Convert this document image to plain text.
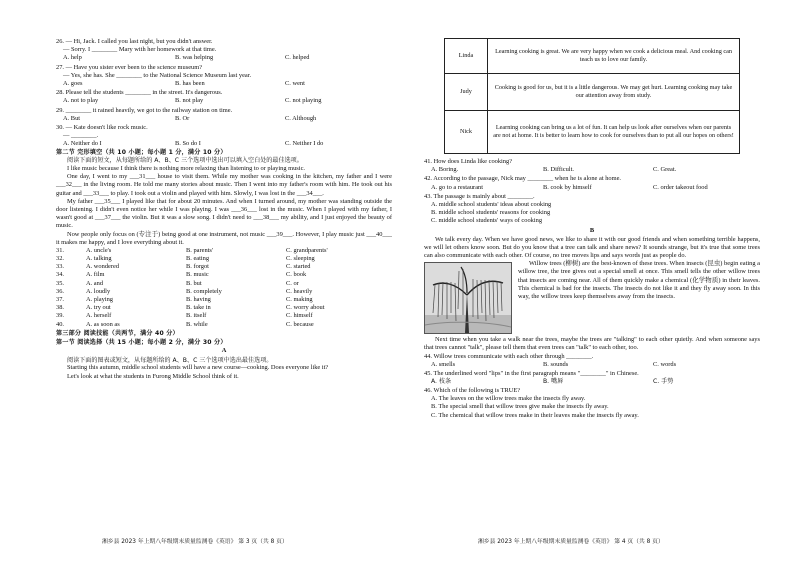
26. — Hi, Jack. I called you last night, but you didn't answer.

— Sorry. I ________ Mary with her homework at that time.

A. help	B. was helping	C. helped

27. — Have you sister ever been to the science museum?

— Yes, she has. She ________ to the National Science Museum last year.

A. goes	B. has been	C. went

28. Please tell the students ________ in the street. It's dangerous.

A. not to play	B. not play	C. not playing

29. ________ it rained heavily, we got to the railway station on time.

A. But	B. Or	C. Although

30. — Kate doesn't like rock music.

— ________.

A. Neither do I	B. So do I	C. Neither I do

第二节 完形填空（共 10 小题；每小题 1 分，满分 10 分）

阅读下面的短文，从每题所给的 A、B、C 三个选项中选出可以填入空白处的最佳选项。

I like music because I think there is nothing more relaxing than listening to or playing music.

One day, I went to my ___31___ house to visit them. While my mother was cooking in the kitchen, my father and I were ___32___ in the living room. He told me many stories about music. Then I went into my father's room with him. He took out his guitar and ___33___ to play. I took out a violin and played with him. Slowly, I was lost in the ___34___.

My father ___35___ I played like that for about 20 minutes. And when I turned around, my mother was standing outside the door listening. I didn't even notice her while I was playing. I was ___36___ lost in the music. When I played with my father, I wasn't good at ___37___ the violin. But it was a slow song. I didn't need to ___38___ my ability, and I just enjoyed the beauty of music.

Now people only focus on (专注于) being good at one instrument, not music ___39___. However, I play music just ___40___ it makes me happy, and I love everything about it.

31.	A. uncle's	B. parents'	C. grandparents'
32.	A. talking	B. eating	C. sleeping
33.	A. wondered	B. forgot	C. started
34.	A. film	B. music	C. book
35.	A. and	B. but	C. or
36.	A. loudly	B. completely	C. heavily
37.	A. playing	B. having	C. making
38.	A. try out	B. take in	C. worry about
39.	A. herself	B. itself	C. himself
40.	A. as soon as	B. while	C. because

第三部分 阅读技能（共两节，满分 40 分）

第一节 阅读选择（共 15 小题；每小题 2 分，满分 30 分）

A

阅读下面的图表或短文，从每题所给的 A、B、C 三个选项中选出最佳选项。

Starting this autumn, middle school students will have a new course—cooking. Does everyone like it?

Let's look at what the students in Furong Middle School think of it.

湘乡县 2023 年上期八年级期末质量监测卷《英语》 第 3 页（共 8 页）
Linda	Learning cooking is great. We are very happy when we cook a delicious meal. And cooking can teach us to love our family.
Judy	Cooking is good for us, but it is a little dangerous. We may get hurt. Learning cooking may take our attention away from study.
Nick	Learning cooking can bring us a lot of fun. It can help us look after ourselves when our parents are not at home. It is better to learn how to cook for ourselves than to put all our hopes on others!

41. How does Linda like cooking?

A. Boring.	B. Difficult.	C. Great.

42. According to the passage, Nick may ________ when he is alone at home.

A. go to a restaurant	B. cook by himself	C. order takeout food

43. The passage is mainly about ________.

A. middle school students' ideas about cooking

B. middle school students' reasons for cooking

C. middle school students' ways of cooking

B

We talk every day. When we have good news, we like to share it with our good friends and when something terrible happens, we will let others know soon. But do you know that a tree can talk and share news? It sounds strange, but it's true that some trees can also communicate with each other. Of course, no tree moves lips and says words just as people do.

Willow trees (柳树) are the best-known of these trees. When insects (昆虫) begin eating a willow tree, the tree gives out a special smell at once. This smell tells the other willow trees that insects are coming near. All of them quickly make a chemical (化学物质) in their leaves. This chemical is bad for the insects. The insects do not like it and they fly away soon. In this way, the willow trees keep themselves away from the insects.

Next time when you take a walk near the trees, maybe the trees are "talking" to each other quietly. And when someone says that trees cannot "talk", please tell them that even trees can "talk" to each other, too.

44. Willow trees communicate with each other through ________.

A. smells	B. sounds	C. words

45. The underlined word "lips" in the first paragraph means "________" in Chinese.

A. 枝条	B. 嘴唇	C. 手势

46. Which of the following is TRUE?

A. The leaves on the willow trees make the insects fly away.

B. The special smell that willow trees give make the insects fly away.

C. The chemical that willow trees make in their leaves make the insects fly away.

湘乡县 2023 年上期八年级期末质量监测卷《英语》 第 4 页（共 8 页）
